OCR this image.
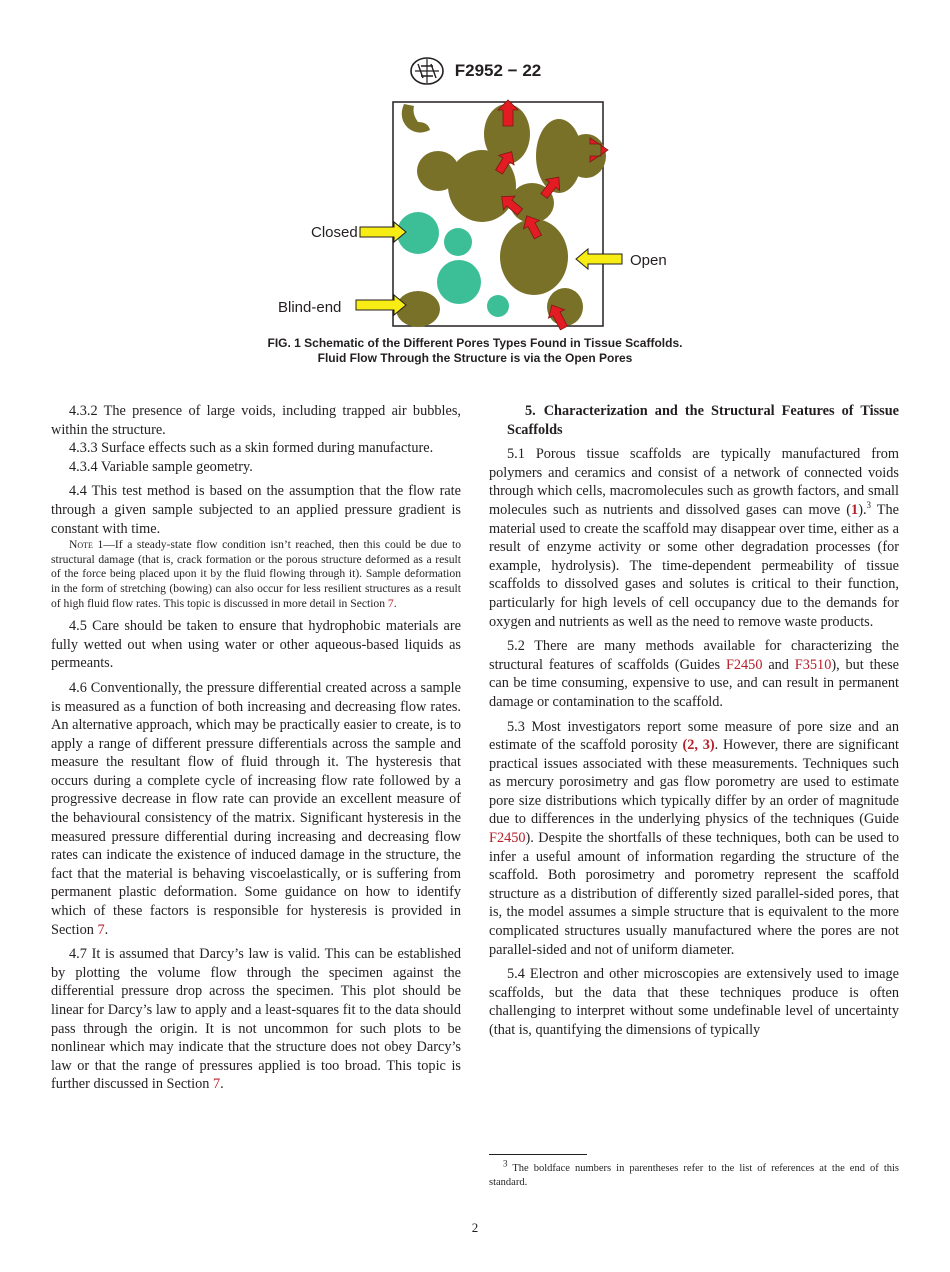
F2952 − 22
Closed
Open
Blind-end
FIG. 1 Schematic of the Different Pores Types Found in Tissue Scaffolds.
Fluid Flow Through the Structure is via the Open Pores

4.3.2 The presence of large voids, including trapped air bubbles, within the structure.

4.3.3 Surface effects such as a skin formed during manufacture.

4.3.4 Variable sample geometry.

4.4 This test method is based on the assumption that the flow rate through a given sample subjected to an applied pressure gradient is constant with time.

Note 1—If a steady-state flow condition isn’t reached, then this could be due to structural damage (that is, crack formation or the porous structure deformed as a result of the force being placed upon it by the fluid flowing through it). Sample deformation in the form of stretching (bowing) can also occur for less resilient structures as a result of high fluid flow rates. This topic is discussed in more detail in Section 7.

4.5 Care should be taken to ensure that hydrophobic materials are fully wetted out when using water or other aqueous-based liquids as permeants.

4.6 Conventionally, the pressure differential created across a sample is measured as a function of both increasing and decreasing flow rates. An alternative approach, which may be practically easier to create, is to apply a range of different pressure differentials across the sample and measure the resultant flow of fluid through it. The hysteresis that occurs during a complete cycle of increasing flow rate followed by a progressive decrease in flow rate can provide an excellent measure of the behavioural consistency of the matrix. Significant hysteresis in the measured pressure differential during increasing and decreasing flow rates can indicate the existence of induced damage in the structure, the fact that the material is behaving viscoelastically, or is suffering from permanent plastic deformation. Some guidance on how to identify which of these factors is responsible for hysteresis is provided in Section 7.

4.7 It is assumed that Darcy’s law is valid. This can be established by plotting the volume flow through the specimen against the differential pressure drop across the specimen. This plot should be linear for Darcy’s law to apply and a least-squares fit to the data should pass through the origin. It is not uncommon for such plots to be nonlinear which may indicate that the structure does not obey Darcy’s law or that the range of pressures applied is too broad. This topic is further discussed in Section 7.

5. Characterization and the Structural Features of Tissue Scaffolds

5.1 Porous tissue scaffolds are typically manufactured from polymers and ceramics and consist of a network of connected voids through which cells, macromolecules such as growth factors, and small molecules such as nutrients and dissolved gases can move (1).$^3$ The material used to create the scaffold may disappear over time, either as a result of enzyme activity or some other degradation processes (for example, hydrolysis). The time-dependent permeability of tissue scaffolds to dissolved gases and solutes is critical to their function, particularly for high levels of cell occupancy due to the demands for oxygen and nutrients as well as the need to remove waste products.

5.2 There are many methods available for characterizing the structural features of scaffolds (Guides F2450 and F3510), but these can be time consuming, expensive to use, and can result in permanent damage or contamination to the scaffold.

5.3 Most investigators report some measure of pore size and an estimate of the scaffold porosity (2, 3). However, there are significant practical issues associated with these measurements. Techniques such as mercury porosimetry and gas flow porometry are used to estimate pore size distributions which typically differ by an order of magnitude due to differences in the underlying physics of the techniques (Guide F2450). Despite the shortfalls of these techniques, both can be used to infer a useful amount of information regarding the structure of the scaffold. Both porosimetry and porometry represent the scaffold structure as a distribution of differently sized parallel-sided pores, that is, the model assumes a simple structure that is equivalent to the more complicated structures usually manufactured where the pores are not parallel-sided and not of uniform diameter.

5.4 Electron and other microscopies are extensively used to image scaffolds, but the data that these techniques produce is often challenging to interpret without some undefinable level of uncertainty (that is, quantifying the dimensions of typically

$^3$ The boldface numbers in parentheses refer to the list of references at the end of this standard.
2
